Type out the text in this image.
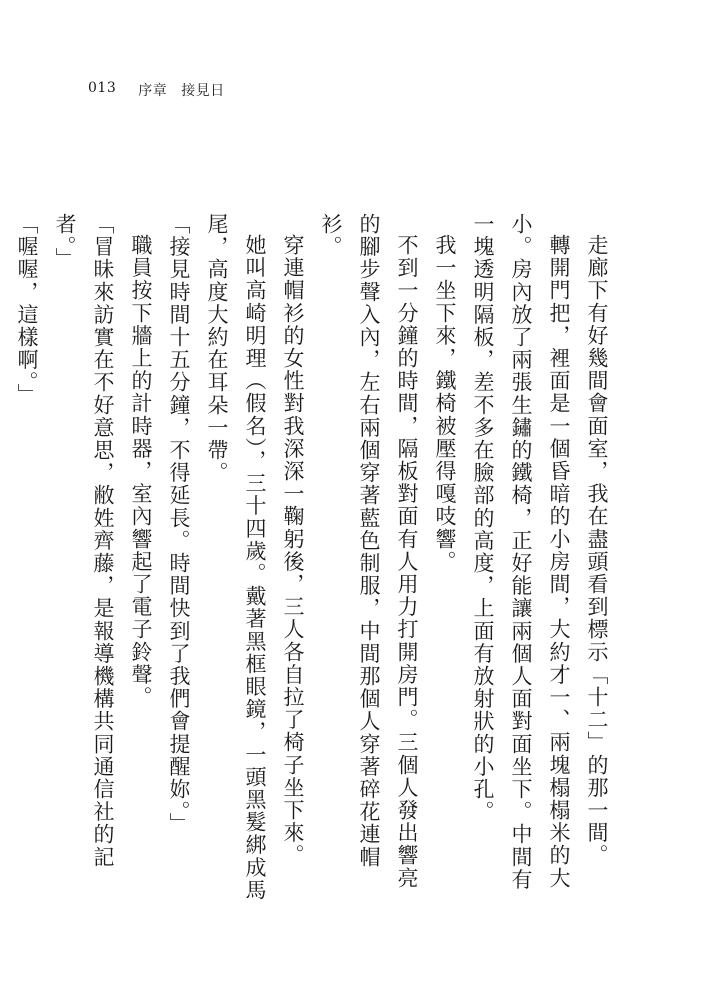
013 序章 接見日

走廊下有好幾間會面室，我在盡頭看到標示「十二」的那一間。

轉開門把，裡面是一個昏暗的小房間，大約才一、兩塊榻榻米的大小。房內放了兩張生鏽的鐵椅，正好能讓兩個人面對面坐下。中間有一塊透明隔板，差不多在臉部的高度，上面有放射狀的小孔。

我一坐下來，鐵椅被壓得嘎吱響。

不到一分鐘的時間，隔板對面有人用力打開房門。三個人發出響亮的腳步聲入內，左右兩個穿著藍色制服，中間那個人穿著碎花連帽衫。

穿連帽衫的女性對我深深一鞠躬後，三人各自拉了椅子坐下來。

她叫高崎明理（假名），三十四歲。戴著黑框眼鏡，一頭黑髮綁成馬尾，高度大約在耳朵一帶。

「接見時間十五分鐘，不得延長。時間快到了我們會提醒妳。」

職員按下牆上的計時器，室內響起了電子鈴聲。

「冒昧來訪實在不好意思，敝姓齊藤，是報導機構共同通信社的記者。」

「喔喔，這樣啊。」
